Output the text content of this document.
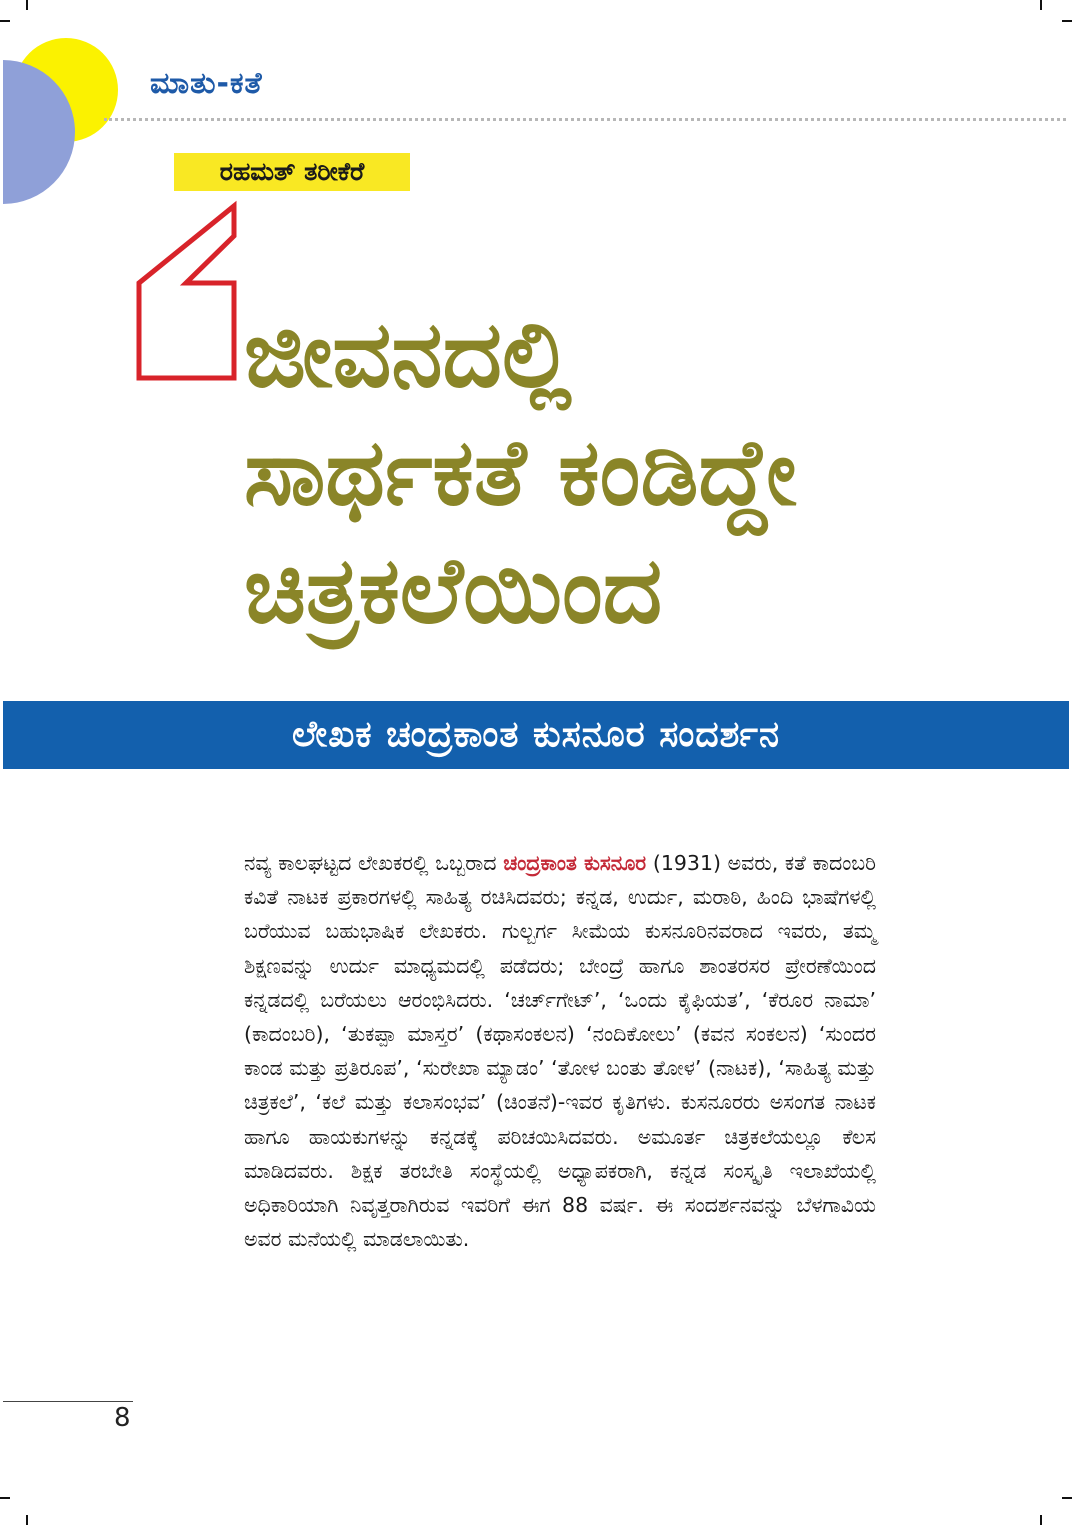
ಮಾತು-ಕತೆ
ರಹಮತ್ ತರೀಕೆರೆ
ಜೀವನದಲ್ಲಿ
ಸಾರ್ಥಕತೆ ಕಂಡಿದ್ದೇ
ಚಿತ್ರಕಲೆಯಿಂದ
ಲೇಖಕ ಚಂದ್ರಕಾಂತ ಕುಸನೂರ ಸಂದರ್ಶನ

ನವ್ಯ ಕಾಲಘಟ್ಟದ ಲೇಖಕರಲ್ಲಿ ಒಬ್ಬರಾದ ಚಂದ್ರಕಾಂತ ಕುಸನೂರ (1931) ಅವರು, ಕತೆ ಕಾದಂಬರಿ ಕವಿತೆ ನಾಟಕ ಪ್ರಕಾರಗಳಲ್ಲಿ ಸಾಹಿತ್ಯ ರಚಿಸಿದವರು; ಕನ್ನಡ, ಉರ್ದು, ಮರಾಠಿ, ಹಿಂದಿ ಭಾಷೆಗಳಲ್ಲಿ ಬರೆಯುವ ಬಹುಭಾಷಿಕ ಲೇಖಕರು. ಗುಲ್ಬರ್ಗ ಸೀಮೆಯ ಕುಸನೂರಿನವರಾದ ಇವರು, ತಮ್ಮ ಶಿಕ್ಷಣವನ್ನು ಉರ್ದು ಮಾಧ್ಯಮದಲ್ಲಿ ಪಡೆದರು; ಬೇಂದ್ರೆ ಹಾಗೂ ಶಾಂತರಸರ ಪ್ರೇರಣೆಯಿಂದ ಕನ್ನಡದಲ್ಲಿ ಬರೆಯಲು ಆರಂಭಿಸಿದರು. ‘ಚರ್ಚ್‌ಗೇಟ್’, ‘ಒಂದು ಕೈಫಿಯತ’, ‘ಕೆರೂರ ನಾಮಾ’ (ಕಾದಂಬರಿ), ‘ತುಕಪ್ಪಾ ಮಾಸ್ತರ’ (ಕಥಾಸಂಕಲನ) ‘ನಂದಿಕೋಲು’ (ಕವನ ಸಂಕಲನ) ‘ಸುಂದರ ಕಾಂಡ ಮತ್ತು ಪ್ರತಿರೂಪ’, ‘ಸುರೇಖಾ ಮ್ಯಾಡಂ’ ‘ತೋಳ ಬಂತು ತೋಳ’ (ನಾಟಕ), ‘ಸಾಹಿತ್ಯ ಮತ್ತು ಚಿತ್ರಕಲೆ’, ‘ಕಲೆ ಮತ್ತು ಕಲಾಸಂಭವ’ (ಚಿಂತನೆ)-ಇವರ ಕೃತಿಗಳು. ಕುಸನೂರರು ಅಸಂಗತ ನಾಟಕ ಹಾಗೂ ಹಾಯಕುಗಳನ್ನು ಕನ್ನಡಕ್ಕೆ ಪರಿಚಯಿಸಿದವರು. ಅಮೂರ್ತ ಚಿತ್ರಕಲೆಯಲ್ಲೂ ಕೆಲಸ ಮಾಡಿದವರು. ಶಿಕ್ಷಕ ತರಬೇತಿ ಸಂಸ್ಥೆಯಲ್ಲಿ ಅಧ್ಯಾಪಕರಾಗಿ, ಕನ್ನಡ ಸಂಸ್ಕೃತಿ ಇಲಾಖೆಯಲ್ಲಿ ಅಧಿಕಾರಿಯಾಗಿ ನಿವೃತ್ತರಾಗಿರುವ ಇವರಿಗೆ ಈಗ 88 ವರ್ಷ. ಈ ಸಂದರ್ಶನವನ್ನು ಬೆಳಗಾವಿಯ ಅವರ ಮನೆಯಲ್ಲಿ ಮಾಡಲಾಯಿತು.

8
